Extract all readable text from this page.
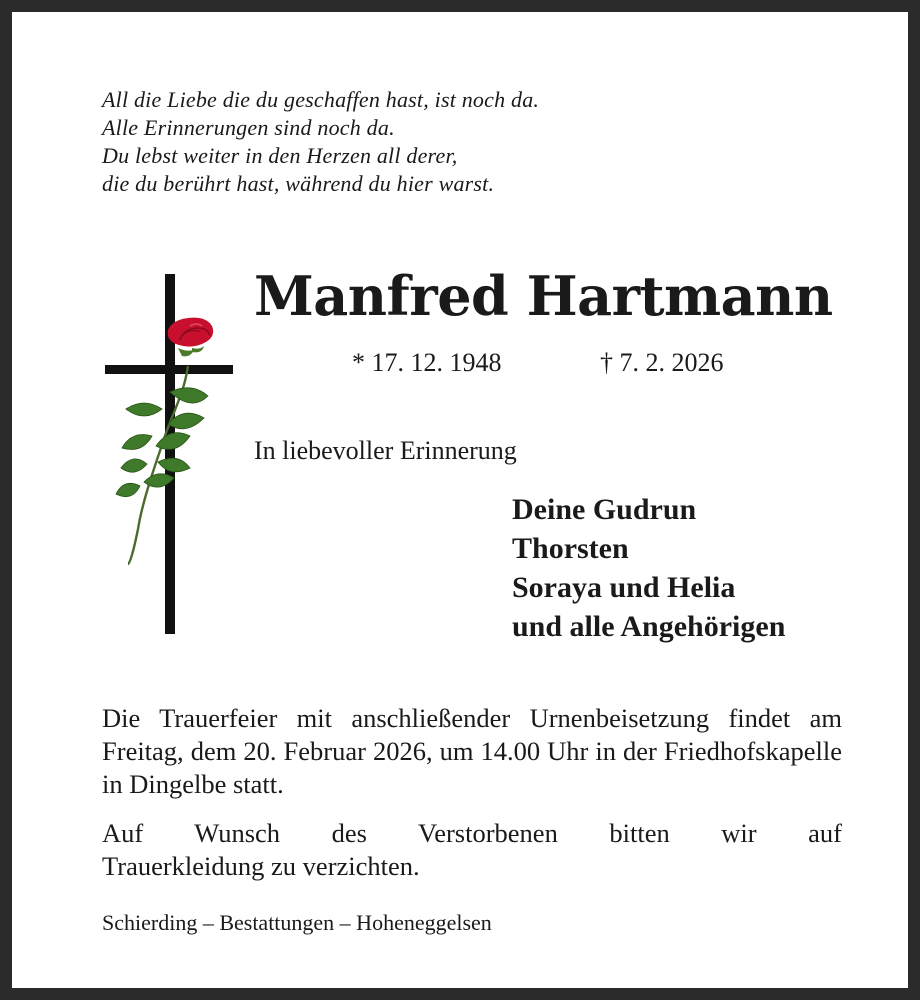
All die Liebe die du geschaffen hast, ist noch da.
Alle Erinnerungen sind noch da.
Du lebst weiter in den Herzen all derer,
die du berührt hast, während du hier warst.
Manfred Hartmann
* 17. 12. 1948	† 7. 2. 2026
In liebevoller Erinnerung
Deine Gudrun
Thorsten
Soraya und Helia
und alle Angehörigen
Die Trauerfeier mit anschließender Urnenbeisetzung findet am Freitag, dem 20. Februar 2026, um 14.00 Uhr in der Friedhofskapelle in Dingelbe statt.
Auf Wunsch des Verstorbenen bitten wir auf
Trauerkleidung zu verzichten.
Schierding – Bestattungen – Hoheneggelsen
